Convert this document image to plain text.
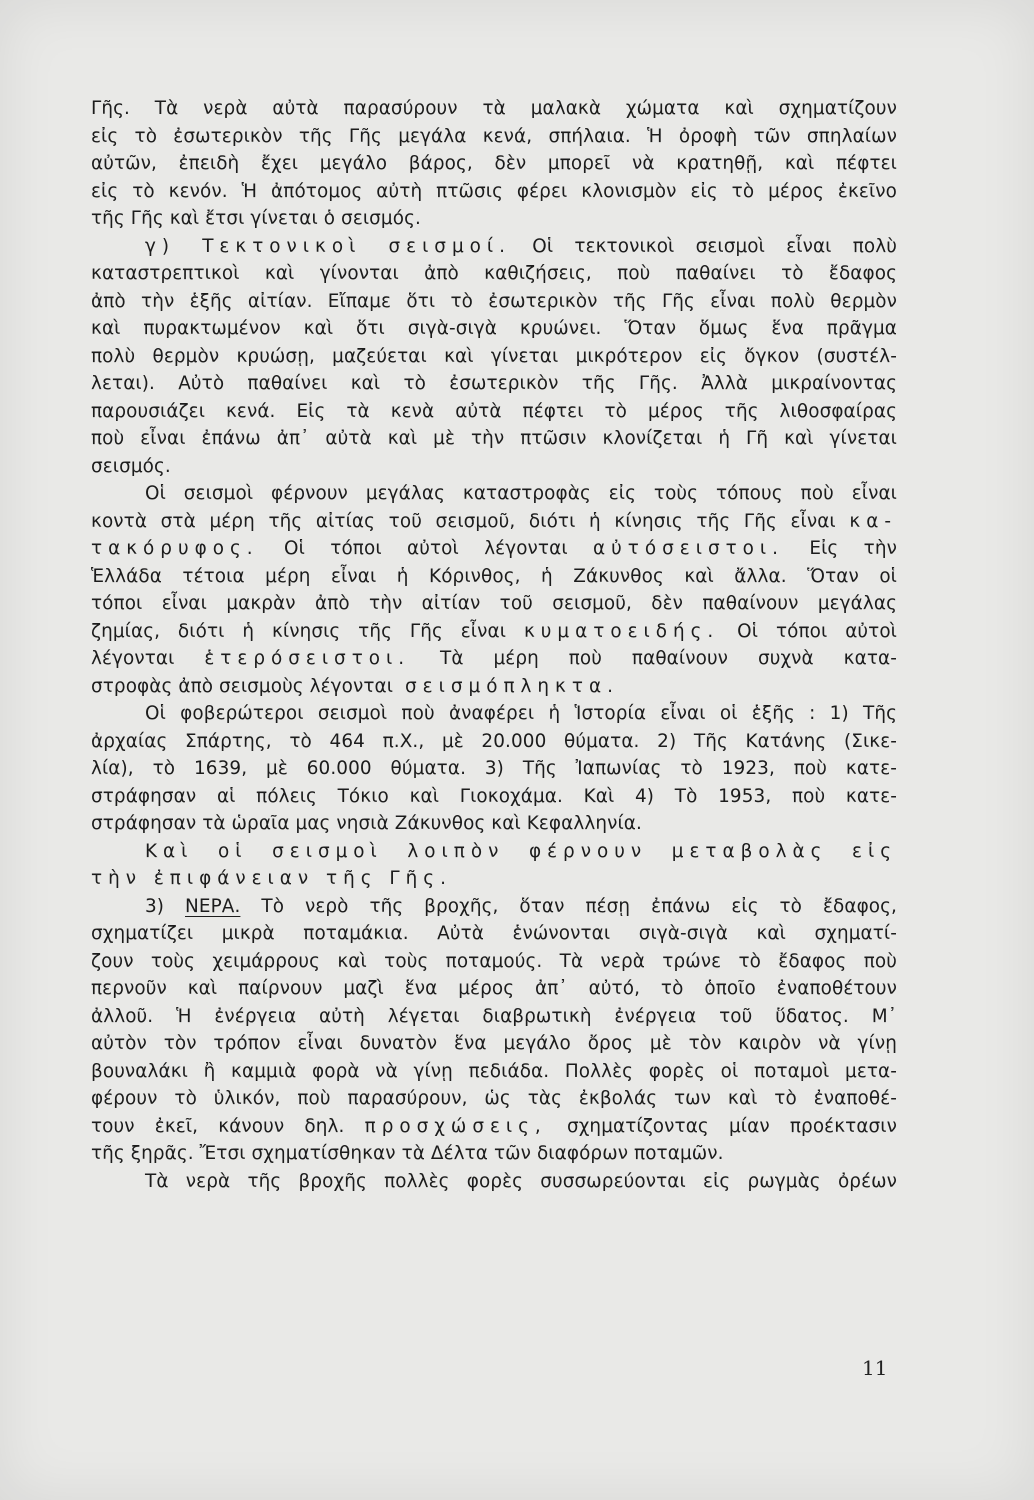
Γῆς. Τὰ νερὰ αὐτὰ παρασύρουν τὰ μαλακὰ χώματα καὶ σχηματίζουν
εἰς τὸ ἐσωτερικὸν τῆς Γῆς μεγάλα κενά, σπήλαια. Ἡ ὀροφὴ τῶν σπηλαίων
αὐτῶν, ἐπειδὴ ἔχει μεγάλο βάρος, δὲν μπορεῖ νὰ κρατηθῇ, καὶ πέφτει
εἰς τὸ κενόν. Ἡ ἀπότομος αὐτὴ πτῶσις φέρει κλονισμὸν εἰς τὸ μέρος ἐκεῖνο
τῆς Γῆς καὶ ἔτσι γίνεται ὁ σεισμός.
γ) Τεκτονικοὶ σεισμοί. Οἱ τεκτονικοὶ σεισμοὶ εἶναι πολὺ
καταστρεπτικοὶ καὶ γίνονται ἀπὸ καθιζήσεις, ποὺ παθαίνει τὸ ἔδαφος
ἀπὸ τὴν ἑξῆς αἰτίαν. Εἴπαμε ὅτι τὸ ἐσωτερικὸν τῆς Γῆς εἶναι πολὺ θερμὸν
καὶ πυρακτωμένον καὶ ὅτι σιγὰ-σιγὰ κρυώνει. Ὅταν ὅμως ἕνα πρᾶγμα
πολὺ θερμὸν κρυώσῃ, μαζεύεται καὶ γίνεται μικρότερον εἰς ὄγκον (συστέλ-
λεται). Αὐτὸ παθαίνει καὶ τὸ ἐσωτερικὸν τῆς Γῆς. Ἀλλὰ μικραίνοντας
παρουσιάζει κενά. Εἰς τὰ κενὰ αὐτὰ πέφτει τὸ μέρος τῆς λιθοσφαίρας
ποὺ εἶναι ἐπάνω ἀπ᾿ αὐτὰ καὶ μὲ τὴν πτῶσιν κλονίζεται ἡ Γῆ καὶ γίνεται
σεισμός.
Οἱ σεισμοὶ φέρνουν μεγάλας καταστροφὰς εἰς τοὺς τόπους ποὺ εἶναι
κοντὰ στὰ μέρη τῆς αἰτίας τοῦ σεισμοῦ, διότι ἡ κίνησις τῆς Γῆς εἶναι κα-
τακόρυφος. Οἱ τόποι αὐτοὶ λέγονται αὐτόσειστοι. Εἰς τὴν
Ἑλλάδα τέτοια μέρη εἶναι ἡ Κόρινθος, ἡ Ζάκυνθος καὶ ἄλλα. Ὅταν οἱ
τόποι εἶναι μακρὰν ἀπὸ τὴν αἰτίαν τοῦ σεισμοῦ, δὲν παθαίνουν μεγάλας
ζημίας, διότι ἡ κίνησις τῆς Γῆς εἶναι κυματοειδής. Οἱ τόποι αὐτοὶ
λέγονται ἑτερόσειστοι. Τὰ μέρη ποὺ παθαίνουν συχνὰ κατα-
στροφὰς ἀπὸ σεισμοὺς λέγονται σεισμόπληκτα.
Οἱ φοβερώτεροι σεισμοὶ ποὺ ἀναφέρει ἡ Ἱστορία εἶναι οἱ ἑξῆς : 1) Τῆς
ἀρχαίας Σπάρτης, τὸ 464 π.Χ., μὲ 20.000 θύματα. 2) Τῆς Κατάνης (Σικε-
λία), τὸ 1639, μὲ 60.000 θύματα. 3) Τῆς Ἰαπωνίας τὸ 1923, ποὺ κατε-
στράφησαν αἱ πόλεις Τόκιο καὶ Γιοκοχάμα. Καὶ 4) Τὸ 1953, ποὺ κατε-
στράφησαν τὰ ὡραῖα μας νησιὰ Ζάκυνθος καὶ Κεφαλληνία.
Καὶ οἱ σεισμοὶ λοιπὸν φέρνουν μεταβολὰς εἰς
τὴν ἐπιφάνειαν τῆς Γῆς.
3) ΝΕΡΑ. Τὸ νερὸ τῆς βροχῆς, ὅταν πέσῃ ἐπάνω εἰς τὸ ἔδαφος,
σχηματίζει μικρὰ ποταμάκια. Αὐτὰ ἑνώνονται σιγὰ-σιγὰ καὶ σχηματί-
ζουν τοὺς χειμάρρους καὶ τοὺς ποταμούς. Τὰ νερὰ τρώνε τὸ ἔδαφος ποὺ
περνοῦν καὶ παίρνουν μαζὶ ἕνα μέρος ἀπ᾿ αὐτό, τὸ ὁποῖο ἐναποθέτουν
ἀλλοῦ. Ἡ ἐνέργεια αὐτὴ λέγεται διαβρωτικὴ ἐνέργεια τοῦ ὕδατος. Μ᾿
αὐτὸν τὸν τρόπον εἶναι δυνατὸν ἕνα μεγάλο ὄρος μὲ τὸν καιρὸν νὰ γίνῃ
βουναλάκι ἢ καμμιὰ φορὰ νὰ γίνῃ πεδιάδα. Πολλὲς φορὲς οἱ ποταμοὶ μετα-
φέρουν τὸ ὑλικόν, ποὺ παρασύρουν, ὡς τὰς ἐκβολάς των καὶ τὸ ἐναποθέ-
τουν ἐκεῖ, κάνουν δηλ. προσχώσεις, σχηματίζοντας μίαν προέκτασιν
τῆς ξηρᾶς. Ἔτσι σχηματίσθηκαν τὰ Δέλτα τῶν διαφόρων ποταμῶν.
Τὰ νερὰ τῆς βροχῆς πολλὲς φορὲς συσσωρεύονται εἰς ρωγμὰς ὀρέων
11
